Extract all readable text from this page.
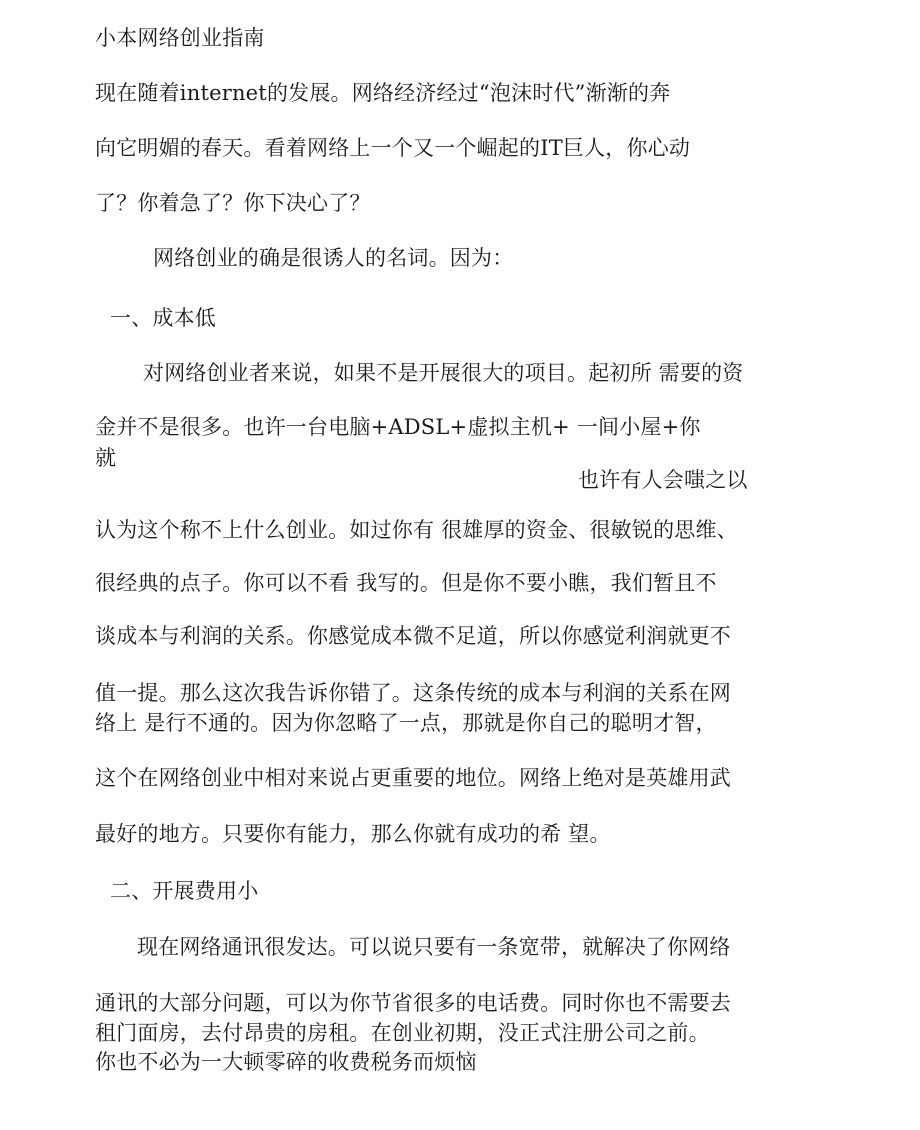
小本网络创业指南
现在随着internet的发展。网络经济经过“泡沫时代”渐渐的奔
向它明媚的春天。看着网络上一个又一个崛起的IT巨人，你心动
了？你着急了？你下决心了？
网络创业的确是很诱人的名词。因为：
一、成本低
对网络创业者来说，如果不是开展很大的项目。起初所 需要的资
金并不是很多。也许一台电脑+ADSL+虚拟主机+ 一间小屋+你
就
也许有人会嗤之以
认为这个称不上什么创业。如过你有 很雄厚的资金、很敏锐的思维、
很经典的点子。你可以不看 我写的。但是你不要小瞧，我们暂且不
谈成本与利润的关系。你感觉成本微不足道，所以你感觉利润就更不
值一提。那么这次我告诉你错了。这条传统的成本与利润的关系在网
络上 是行不通的。因为你忽略了一点，那就是你自己的聪明才智，
这个在网络创业中相对来说占更重要的地位。网络上绝对是英雄用武
最好的地方。只要你有能力，那么你就有成功的希 望。
二、开展费用小
现在网络通讯很发达。可以说只要有一条宽带，就解决了你网络
通讯的大部分问题，可以为你节省很多的电话费。同时你也不需要去
租门面房，去付昂贵的房租。在创业初期，没正式注册公司之前。
你也不必为一大顿零碎的收费税务而烦恼
